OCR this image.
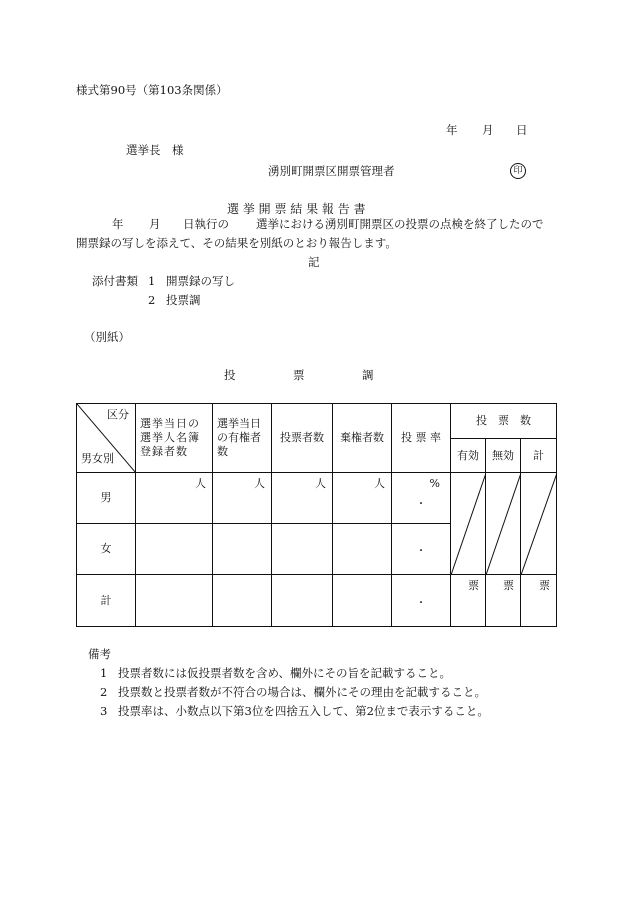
様式第90号（第103条関係）
年 月 日
選挙長　様
湧別町開票区開票管理者	印
選 挙 開 票 結 果 報 告 書
年 月 日執行の 選挙における湧別町開票区の投票の点検を終了したので
開票録の写しを添えて、その結果を別紙のとおり報告します。
記
添付書類 1 開票録の写し
2 投票調
（別紙）
投　　　　　票　　　　　調
区分
男女別	選挙当日の選挙人名簿登録者数	選挙当日の有権者数	投票者数	棄権者数	投 票 率	投　票　数		
						有効	無効	計
男	人	人	人	人	%
・

女					・			

計					・	票	票	票
備考
1 投票者数には仮投票者数を含め、欄外にその旨を記載すること。
2 投票数と投票者数が不符合の場合は、欄外にその理由を記載すること。
3 投票率は、小数点以下第3位を四捨五入して、第2位まで表示すること。
